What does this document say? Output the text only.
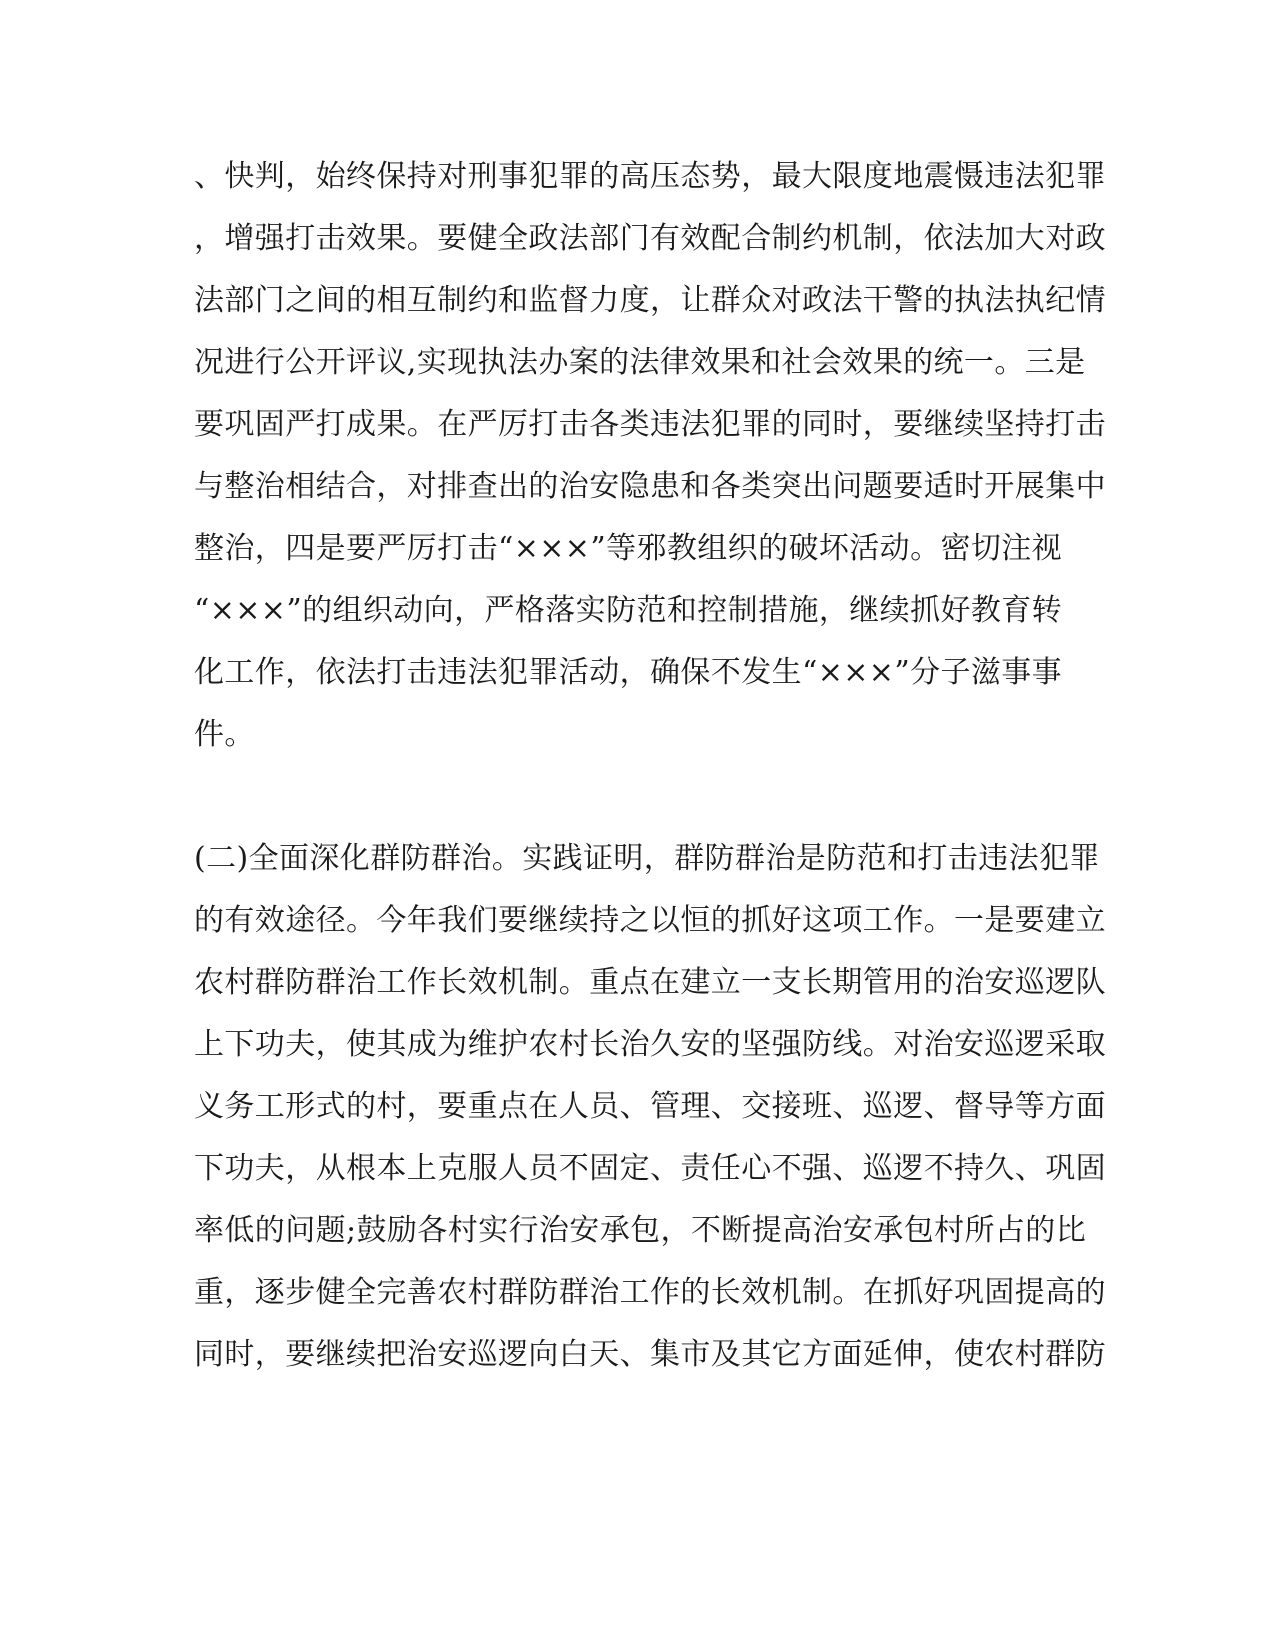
、快判，始终保持对刑事犯罪的高压态势，最大限度地震慑违法犯罪

，增强打击效果。要健全政法部门有效配合制约机制，依法加大对政

法部门之间的相互制约和监督力度，让群众对政法干警的执法执纪情

况进行公开评议,实现执法办案的法律效果和社会效果的统一。三是

要巩固严打成果。在严厉打击各类违法犯罪的同时，要继续坚持打击

与整治相结合，对排查出的治安隐患和各类突出问题要适时开展集中

整治，四是要严厉打击“×××”等邪教组织的破坏活动。密切注视

“×××”的组织动向，严格落实防范和控制措施，继续抓好教育转

化工作，依法打击违法犯罪活动，确保不发生“×××”分子滋事事

件。

(二)全面深化群防群治。实践证明，群防群治是防范和打击违法犯罪

的有效途径。今年我们要继续持之以恒的抓好这项工作。一是要建立

农村群防群治工作长效机制。重点在建立一支长期管用的治安巡逻队

上下功夫，使其成为维护农村长治久安的坚强防线。对治安巡逻采取

义务工形式的村，要重点在人员、管理、交接班、巡逻、督导等方面

下功夫，从根本上克服人员不固定、责任心不强、巡逻不持久、巩固

率低的问题;鼓励各村实行治安承包，不断提高治安承包村所占的比

重，逐步健全完善农村群防群治工作的长效机制。在抓好巩固提高的

同时，要继续把治安巡逻向白天、集市及其它方面延伸，使农村群防
